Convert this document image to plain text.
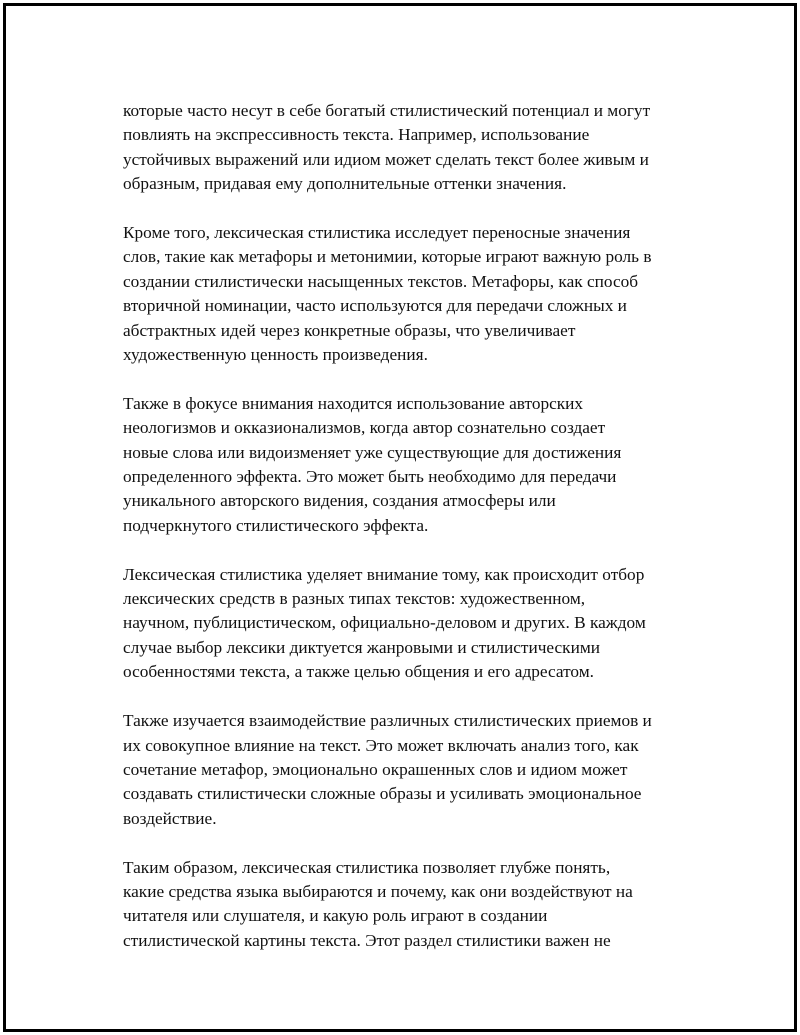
которые часто несут в себе богатый стилистический потенциал и могут
повлиять на экспрессивность текста. Например, использование
устойчивых выражений или идиом может сделать текст более живым и
образным, придавая ему дополнительные оттенки значения.

Кроме того, лексическая стилистика исследует переносные значения
слов, такие как метафоры и метонимии, которые играют важную роль в
создании стилистически насыщенных текстов. Метафоры, как способ
вторичной номинации, часто используются для передачи сложных и
абстрактных идей через конкретные образы, что увеличивает
художественную ценность произведения.

Также в фокусе внимания находится использование авторских
неологизмов и окказионализмов, когда автор сознательно создает
новые слова или видоизменяет уже существующие для достижения
определенного эффекта. Это может быть необходимо для передачи
уникального авторского видения, создания атмосферы или
подчеркнутого стилистического эффекта.

Лексическая стилистика уделяет внимание тому, как происходит отбор
лексических средств в разных типах текстов: художественном,
научном, публицистическом, официально-деловом и других. В каждом
случае выбор лексики диктуется жанровыми и стилистическими
особенностями текста, а также целью общения и его адресатом.

Также изучается взаимодействие различных стилистических приемов и
их совокупное влияние на текст. Это может включать анализ того, как
сочетание метафор, эмоционально окрашенных слов и идиом может
создавать стилистически сложные образы и усиливать эмоциональное
воздействие.

Таким образом, лексическая стилистика позволяет глубже понять,
какие средства языка выбираются и почему, как они воздействуют на
читателя или слушателя, и какую роль играют в создании
стилистической картины текста. Этот раздел стилистики важен не
